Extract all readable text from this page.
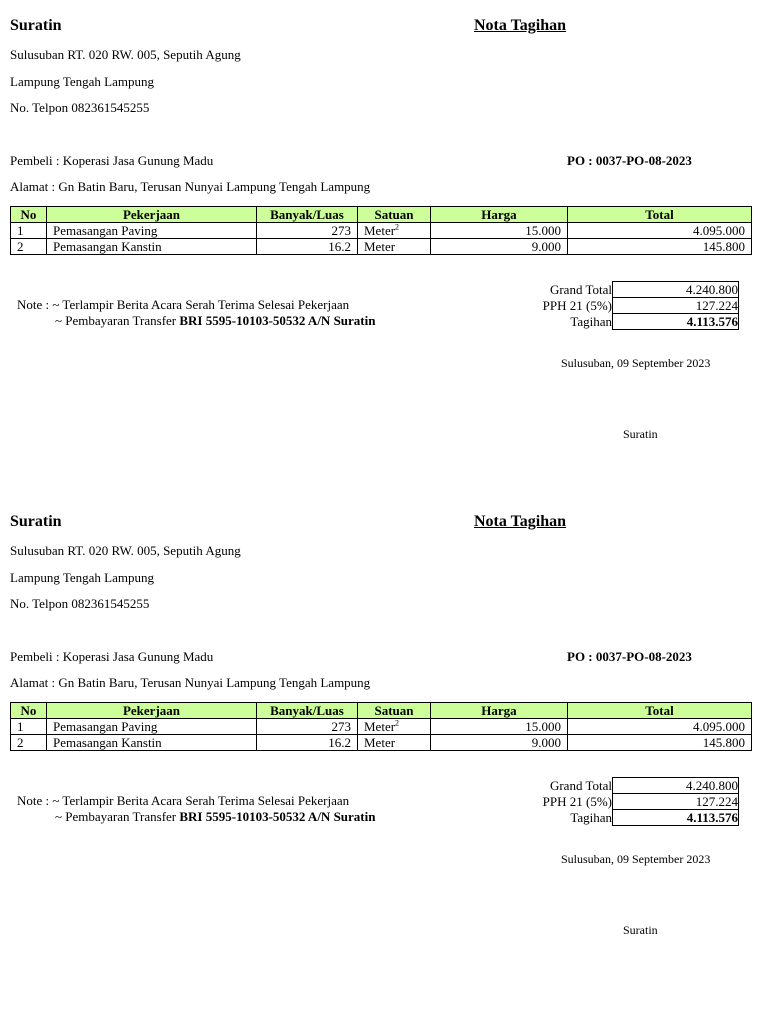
Suratin	Nota Tagihan
Sulusuban RT. 020 RW. 005, Seputih Agung
Lampung Tengah Lampung
No. Telpon 082361545255
Pembeli : Koperasi Jasa Gunung Madu	PO : 0037-PO-08-2023
Alamat : Gn Batin Baru, Terusan Nunyai Lampung Tengah Lampung
No	Pekerjaan	Banyak/Luas	Satuan	Harga	Total
1	Pemasangan Paving	273	Meter$^2$	15.000	4.095.000
2	Pemasangan Kanstin	16.2	Meter	9.000	145.800
Grand Total	4.240.800
PPH 21 (5%)	127.224
Tagihan	4.113.576
Note : ~ Terlampir Berita Acara Serah Terima Selesai Pekerjaan
~ Pembayaran Transfer BRI 5595-10103-50532 A/N Suratin
Sulusuban, 09 September 2023
Suratin
Suratin	Nota Tagihan
Sulusuban RT. 020 RW. 005, Seputih Agung
Lampung Tengah Lampung
No. Telpon 082361545255
Pembeli : Koperasi Jasa Gunung Madu	PO : 0037-PO-08-2023
Alamat : Gn Batin Baru, Terusan Nunyai Lampung Tengah Lampung
No	Pekerjaan	Banyak/Luas	Satuan	Harga	Total
1	Pemasangan Paving	273	Meter$^2$	15.000	4.095.000
2	Pemasangan Kanstin	16.2	Meter	9.000	145.800
Grand Total	4.240.800
PPH 21 (5%)	127.224
Tagihan	4.113.576
Note : ~ Terlampir Berita Acara Serah Terima Selesai Pekerjaan
~ Pembayaran Transfer BRI 5595-10103-50532 A/N Suratin
Sulusuban, 09 September 2023
Suratin
